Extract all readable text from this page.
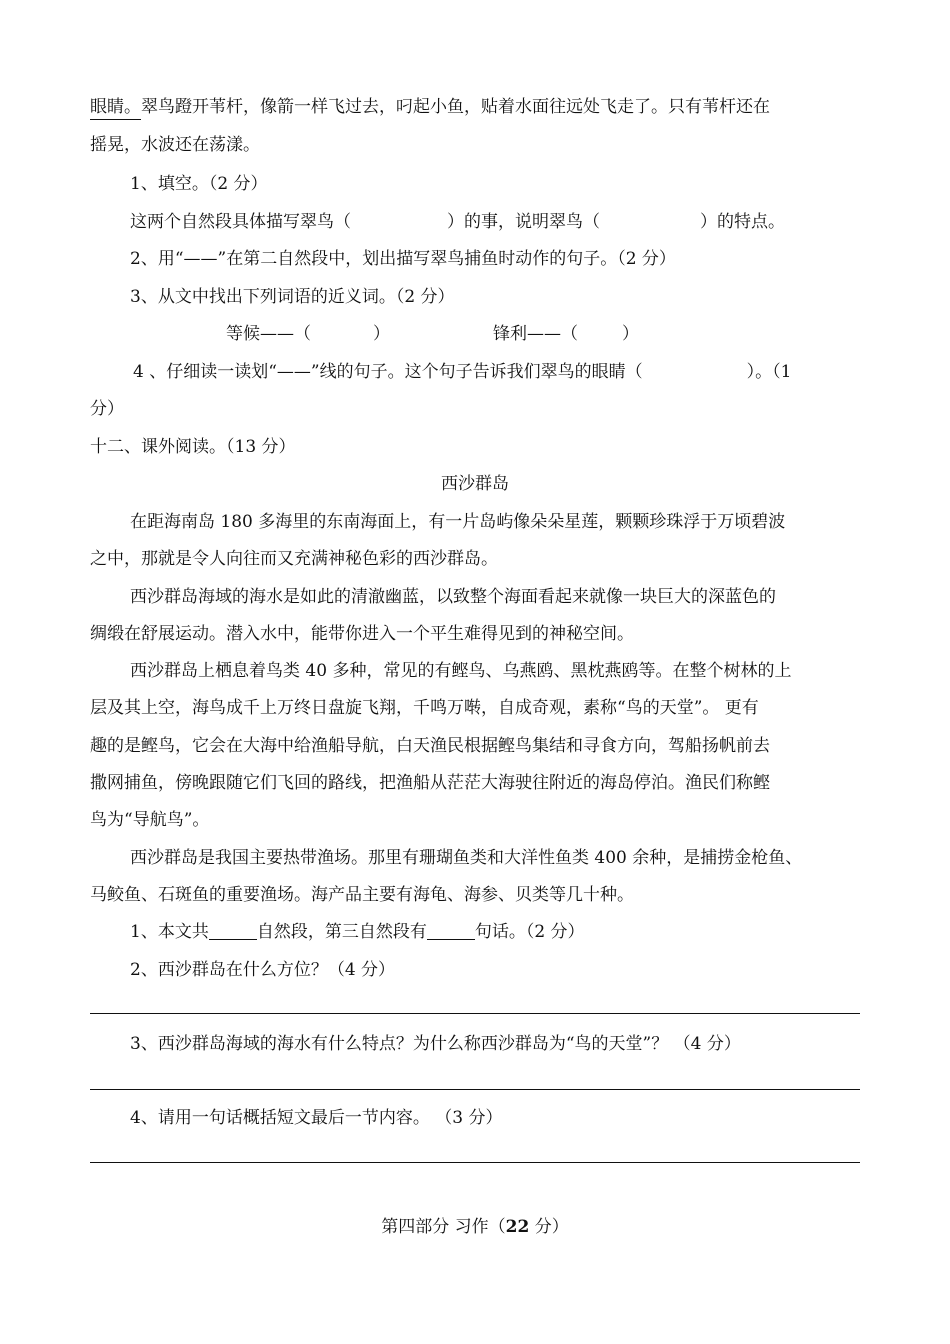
眼睛。翠鸟蹬开苇杆，像箭一样飞过去，叼起小鱼，贴着水面往远处飞走了。只有苇杆还在
摇晃，水波还在荡漾。
1、填空。（2 分）
这两个自然段具体描写翠鸟（	）的事，说明翠鸟（	）的特点。
2、用“——”在第二自然段中，划出描写翠鸟捕鱼时动作的句子。（2 分）
3、从文中找出下列词语的近义词。（2 分）
等候——（	）	锋利——（	）
4 、仔细读一读划“——”线的句子。这个句子告诉我们翠鸟的眼睛（	）。（1
分）
十二、课外阅读。（13 分）
西沙群岛
在距海南岛 180 多海里的东南海面上，有一片岛屿像朵朵星莲，颗颗珍珠浮于万顷碧波
之中，那就是令人向往而又充满神秘色彩的西沙群岛。
西沙群岛海域的海水是如此的清澈幽蓝，以致整个海面看起来就像一块巨大的深蓝色的
绸缎在舒展运动。潜入水中，能带你进入一个平生难得见到的神秘空间。
西沙群岛上栖息着鸟类 40 多种，常见的有鲣鸟、乌燕鸥、黑枕燕鸥等。在整个树林的上
层及其上空，海鸟成千上万终日盘旋飞翔，千鸣万啭，自成奇观，素称“鸟的天堂”。 更有
趣的是鲣鸟，它会在大海中给渔船导航，白天渔民根据鲣鸟集结和寻食方向，驾船扬帆前去
撒网捕鱼，傍晚跟随它们飞回的路线，把渔船从茫茫大海驶往附近的海岛停泊。渔民们称鲣
鸟为“导航鸟”。
西沙群岛是我国主要热带渔场。那里有珊瑚鱼类和大洋性鱼类 400 余种，是捕捞金枪鱼、
马鲛鱼、石斑鱼的重要渔场。海产品主要有海龟、海参、贝类等几十种。
1、本文共	自然段，第三自然段有	句话。（2 分）
2、西沙群岛在什么方位？（4 分）
3、西沙群岛海域的海水有什么特点？为什么称西沙群岛为“鸟的天堂”？ （4 分）
4、请用一句话概括短文最后一节内容。 （3 分）
第四部分 习作（22 分）
